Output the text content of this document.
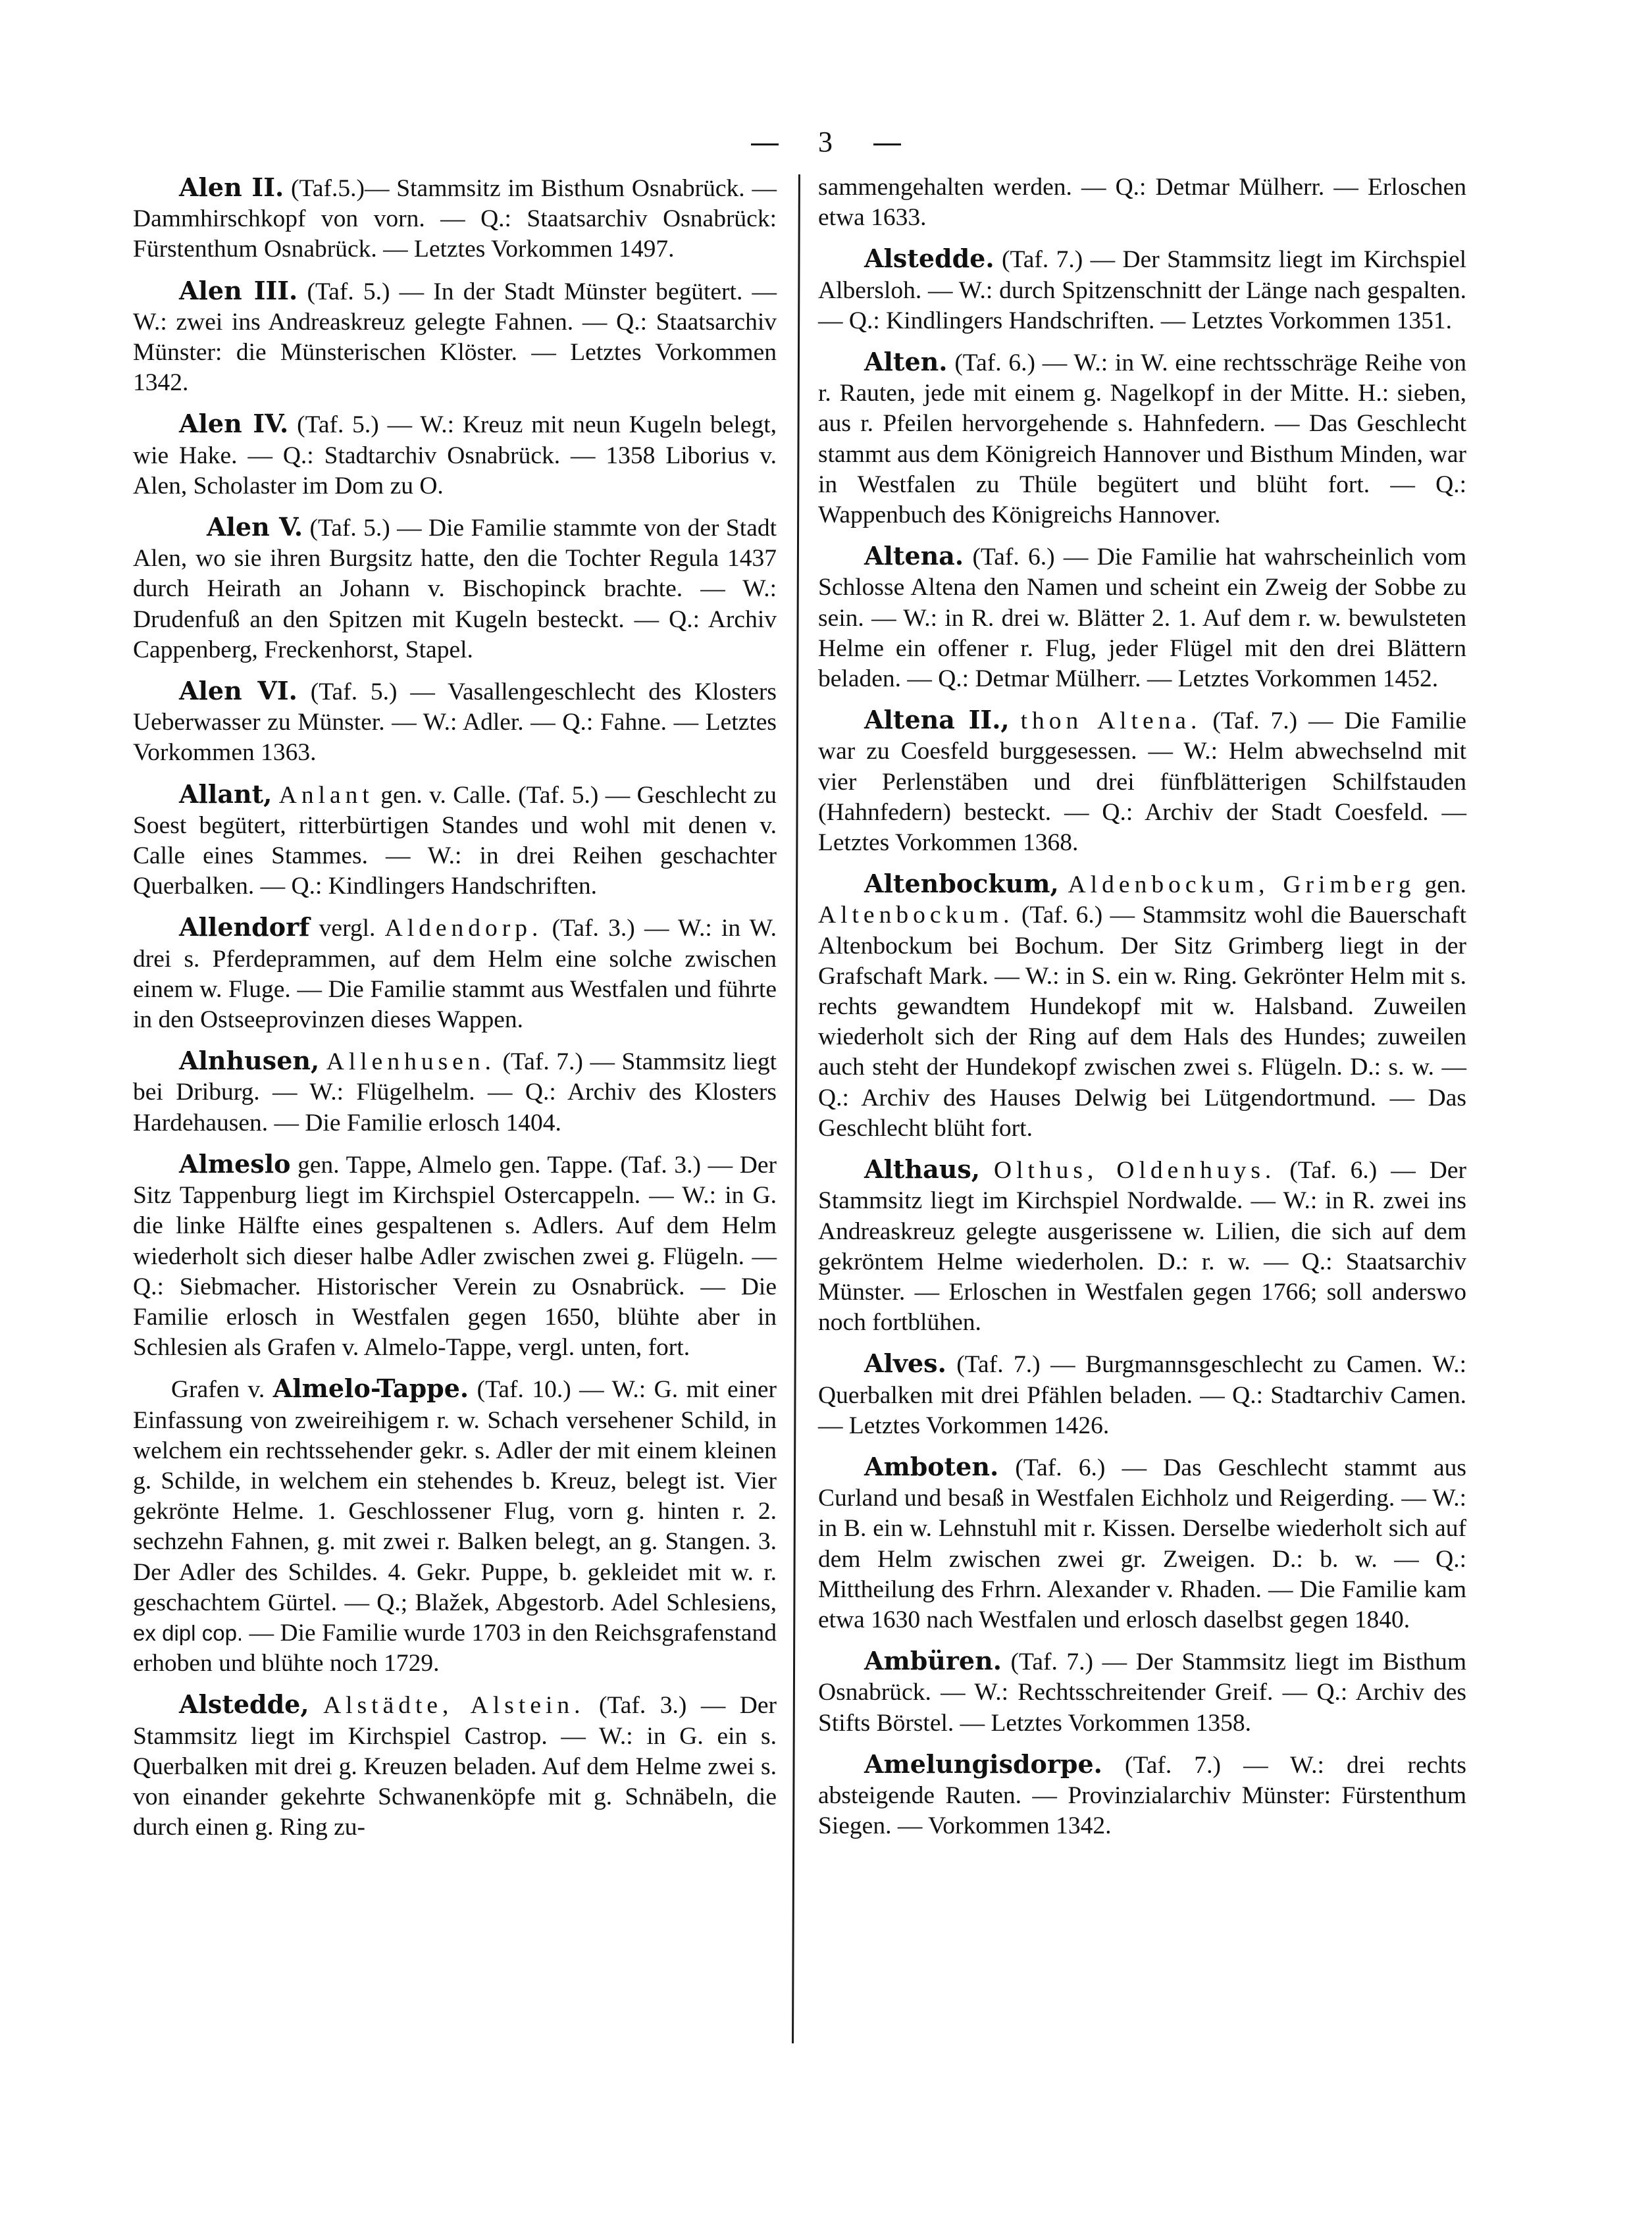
3

Alen II. (Taf.5.)— Stammsitz im Bisthum Osnabrück. — Dammhirschkopf von vorn. — Q.: Staatsarchiv Osnabrück: Fürstenthum Osnabrück. — Letztes Vorkommen 1497.

Alen III. (Taf. 5.) — In der Stadt Münster begütert. — W.: zwei ins Andreaskreuz gelegte Fahnen. — Q.: Staatsarchiv Münster: die Münsterischen Klöster. — Letztes Vorkommen 1342.

Alen IV. (Taf. 5.) — W.: Kreuz mit neun Kugeln belegt, wie Hake. — Q.: Stadtarchiv Osnabrück. — 1358 Liborius v. Alen, Scholaster im Dom zu O.

Alen V. (Taf. 5.) — Die Familie stammte von der Stadt Alen, wo sie ihren Burgsitz hatte, den die Tochter Regula 1437 durch Heirath an Johann v. Bischopinck brachte. — W.: Drudenfuß an den Spitzen mit Kugeln besteckt. — Q.: Archiv Cappenberg, Freckenhorst, Stapel.

Alen VI. (Taf. 5.) — Vasallengeschlecht des Klosters Ueberwasser zu Münster. — W.: Adler. — Q.: Fahne. — Letztes Vorkommen 1363.

Allant, Anlant gen. v. Calle. (Taf. 5.) — Geschlecht zu Soest begütert, ritterbürtigen Standes und wohl mit denen v. Calle eines Stammes. — W.: in drei Reihen geschachter Querbalken. — Q.: Kindlingers Handschriften.

Allendorf vergl. Aldendorp. (Taf. 3.) — W.: in W. drei s. Pferdeprammen, auf dem Helm eine solche zwischen einem w. Fluge. — Die Familie stammt aus Westfalen und führte in den Ostseeprovinzen dieses Wappen.

Alnhusen, Allenhusen. (Taf. 7.) — Stammsitz liegt bei Driburg. — W.: Flügelhelm. — Q.: Archiv des Klosters Hardehausen. — Die Familie erlosch 1404.

Almeslo gen. Tappe, Almelo gen. Tappe. (Taf. 3.) — Der Sitz Tappenburg liegt im Kirchspiel Ostercappeln. — W.: in G. die linke Hälfte eines gespaltenen s. Adlers. Auf dem Helm wiederholt sich dieser halbe Adler zwischen zwei g. Flügeln. — Q.: Siebmacher. Historischer Verein zu Osnabrück. — Die Familie erlosch in Westfalen gegen 1650, blühte aber in Schlesien als Grafen v. Almelo-Tappe, vergl. unten, fort.

Grafen v. Almelo-Tappe. (Taf. 10.) — W.: G. mit einer Einfassung von zweireihigem r. w. Schach versehener Schild, in welchem ein rechtssehender gekr. s. Adler der mit einem kleinen g. Schilde, in welchem ein stehendes b. Kreuz, belegt ist. Vier gekrönte Helme. 1. Geschlossener Flug, vorn g. hinten r. 2. sechzehn Fahnen, g. mit zwei r. Balken belegt, an g. Stangen. 3. Der Adler des Schildes. 4. Gekr. Puppe, b. gekleidet mit w. r. geschachtem Gürtel. — Q.; Blažek, Abgestorb. Adel Schlesiens, ex dipl cop. — Die Familie wurde 1703 in den Reichsgrafenstand erhoben und blühte noch 1729.

Alstedde, Alstädte, Alstein. (Taf. 3.) — Der Stammsitz liegt im Kirchspiel Castrop. — W.: in G. ein s. Querbalken mit drei g. Kreuzen beladen. Auf dem Helme zwei s. von einander gekehrte Schwanenköpfe mit g. Schnäbeln, die durch einen g. Ring zu-

sammengehalten werden. — Q.: Detmar Mülherr. — Erloschen etwa 1633.

Alstedde. (Taf. 7.) — Der Stammsitz liegt im Kirchspiel Albersloh. — W.: durch Spitzenschnitt der Länge nach gespalten. — Q.: Kindlingers Handschriften. — Letztes Vorkommen 1351.

Alten. (Taf. 6.) — W.: in W. eine rechtsschräge Reihe von r. Rauten, jede mit einem g. Nagelkopf in der Mitte. H.: sieben, aus r. Pfeilen hervorgehende s. Hahnfedern. — Das Geschlecht stammt aus dem Königreich Hannover und Bisthum Minden, war in Westfalen zu Thüle begütert und blüht fort. — Q.: Wappenbuch des Königreichs Hannover.

Altena. (Taf. 6.) — Die Familie hat wahrscheinlich vom Schlosse Altena den Namen und scheint ein Zweig der Sobbe zu sein. — W.: in R. drei w. Blätter 2. 1. Auf dem r. w. bewulsteten Helme ein offener r. Flug, jeder Flügel mit den drei Blättern beladen. — Q.: Detmar Mülherr. — Letztes Vorkommen 1452.

Altena II., thon Altena. (Taf. 7.) — Die Familie war zu Coesfeld burggesessen. — W.: Helm abwechselnd mit vier Perlenstäben und drei fünfblätterigen Schilfstauden (Hahnfedern) besteckt. — Q.: Archiv der Stadt Coesfeld. — Letztes Vorkommen 1368.

Altenbockum, Aldenbockum, Grimberg gen. Altenbockum. (Taf. 6.) — Stammsitz wohl die Bauerschaft Altenbockum bei Bochum. Der Sitz Grimberg liegt in der Grafschaft Mark. — W.: in S. ein w. Ring. Gekrönter Helm mit s. rechts gewandtem Hundekopf mit w. Halsband. Zuweilen wiederholt sich der Ring auf dem Hals des Hundes; zuweilen auch steht der Hundekopf zwischen zwei s. Flügeln. D.: s. w. — Q.: Archiv des Hauses Delwig bei Lütgendortmund. — Das Geschlecht blüht fort.

Althaus, Olthus, Oldenhuys. (Taf. 6.) — Der Stammsitz liegt im Kirchspiel Nordwalde. — W.: in R. zwei ins Andreaskreuz gelegte ausgerissene w. Lilien, die sich auf dem gekröntem Helme wiederholen. D.: r. w. — Q.: Staatsarchiv Münster. — Erloschen in Westfalen gegen 1766; soll anderswo noch fortblühen.

Alves. (Taf. 7.) — Burgmannsgeschlecht zu Camen. W.: Querbalken mit drei Pfählen beladen. — Q.: Stadtarchiv Camen. — Letztes Vorkommen 1426.

Amboten. (Taf. 6.) — Das Geschlecht stammt aus Curland und besaß in Westfalen Eichholz und Reigerding. — W.: in B. ein w. Lehnstuhl mit r. Kissen. Derselbe wiederholt sich auf dem Helm zwischen zwei gr. Zweigen. D.: b. w. — Q.: Mittheilung des Frhrn. Alexander v. Rhaden. — Die Familie kam etwa 1630 nach Westfalen und erlosch daselbst gegen 1840.

Ambüren. (Taf. 7.) — Der Stammsitz liegt im Bisthum Osnabrück. — W.: Rechtsschreitender Greif. — Q.: Archiv des Stifts Börstel. — Letztes Vorkommen 1358.

Amelungisdorpe. (Taf. 7.) — W.: drei rechts absteigende Rauten. — Provinzialarchiv Münster: Fürstenthum Siegen. — Vorkommen 1342.
